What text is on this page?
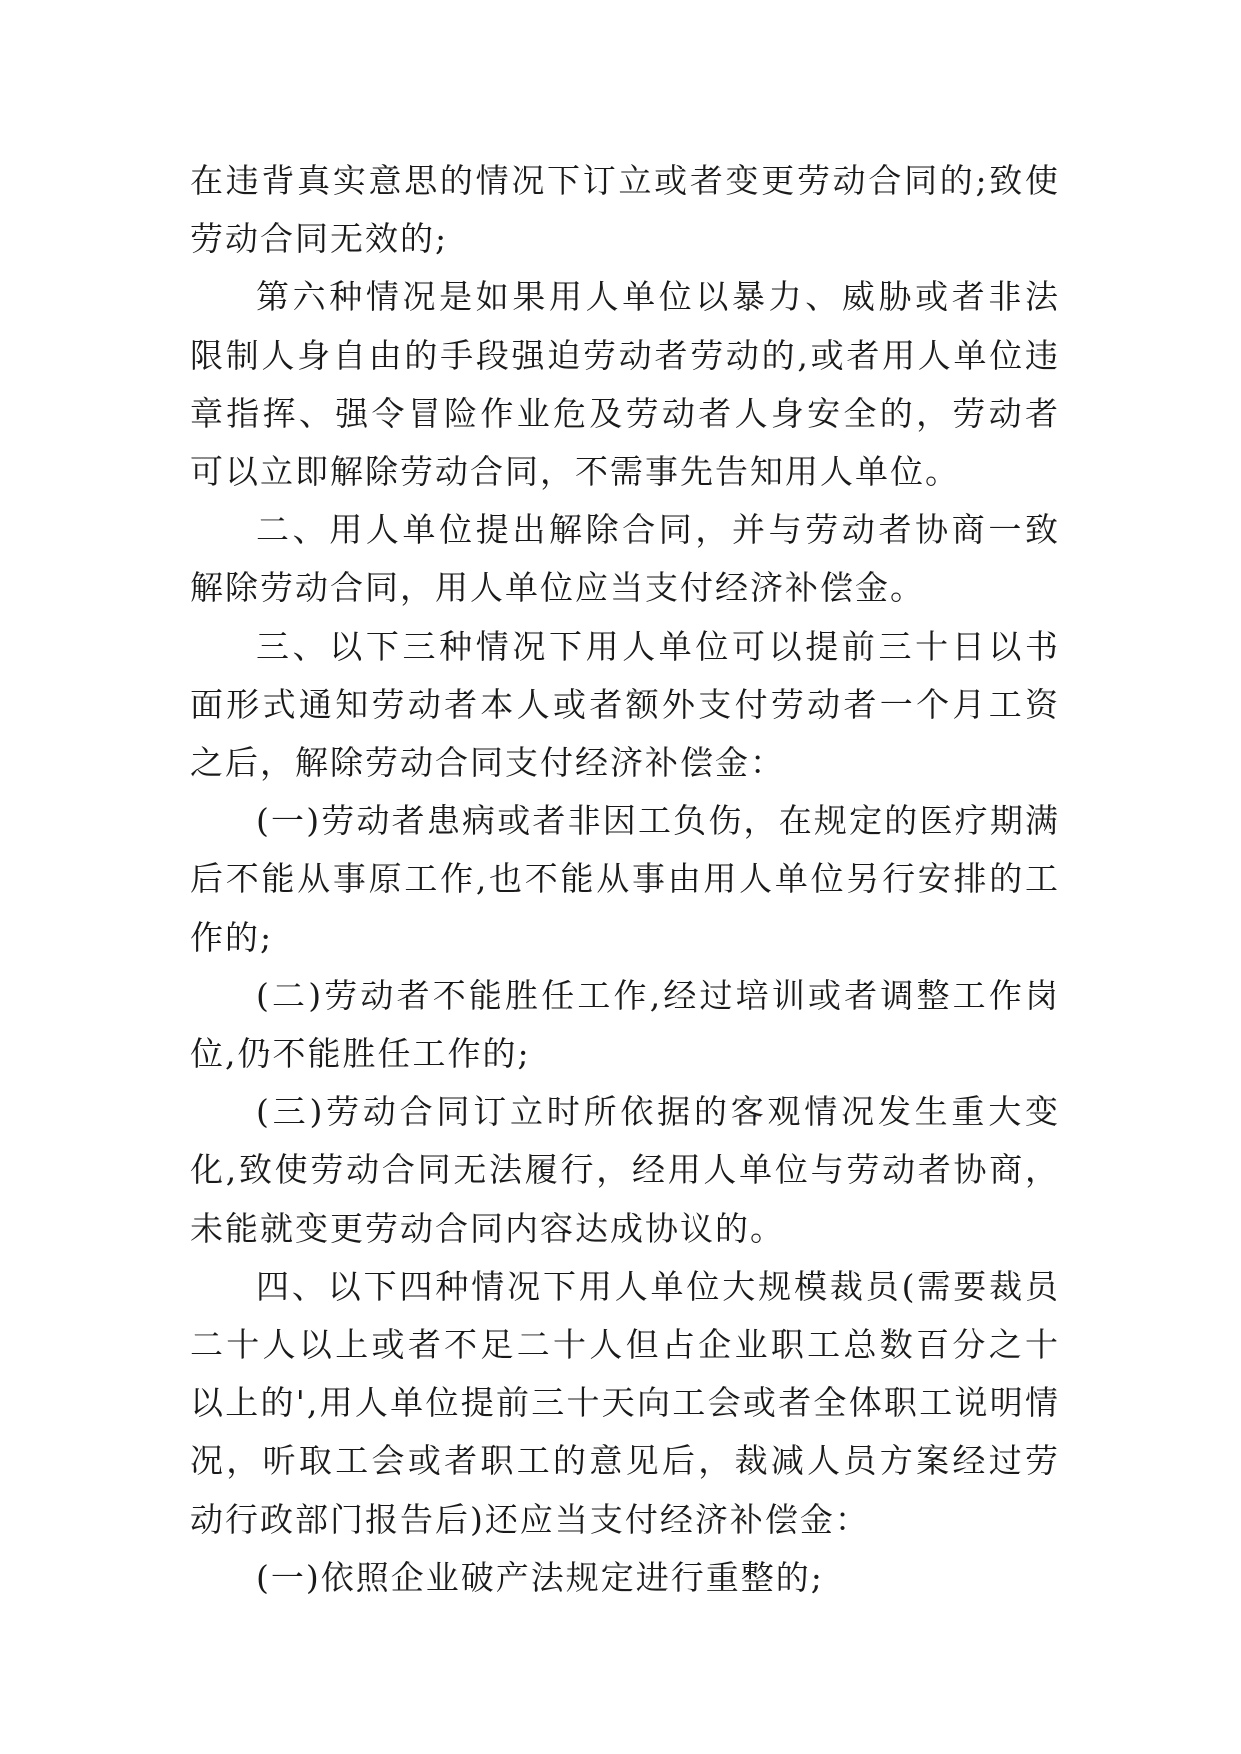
在违背真实意思的情况下订立或者变更劳动合同的;致使劳动合同无效的;

第六种情况是如果用人单位以暴力、威胁或者非法限制人身自由的手段强迫劳动者劳动的,或者用人单位违章指挥、强令冒险作业危及劳动者人身安全的，劳动者可以立即解除劳动合同，不需事先告知用人单位。

二、用人单位提出解除合同，并与劳动者协商一致解除劳动合同，用人单位应当支付经济补偿金。

三、以下三种情况下用人单位可以提前三十日以书面形式通知劳动者本人或者额外支付劳动者一个月工资之后，解除劳动合同支付经济补偿金：

(一)劳动者患病或者非因工负伤，在规定的医疗期满后不能从事原工作,也不能从事由用人单位另行安排的工作的;

(二)劳动者不能胜任工作,经过培训或者调整工作岗位,仍不能胜任工作的;

(三)劳动合同订立时所依据的客观情况发生重大变化,致使劳动合同无法履行，经用人单位与劳动者协商，未能就变更劳动合同内容达成协议的。

四、以下四种情况下用人单位大规模裁员(需要裁员二十人以上或者不足二十人但占企业职工总数百分之十以上的',用人单位提前三十天向工会或者全体职工说明情况，听取工会或者职工的意见后，裁减人员方案经过劳动行政部门报告后)还应当支付经济补偿金：

(一)依照企业破产法规定进行重整的;
